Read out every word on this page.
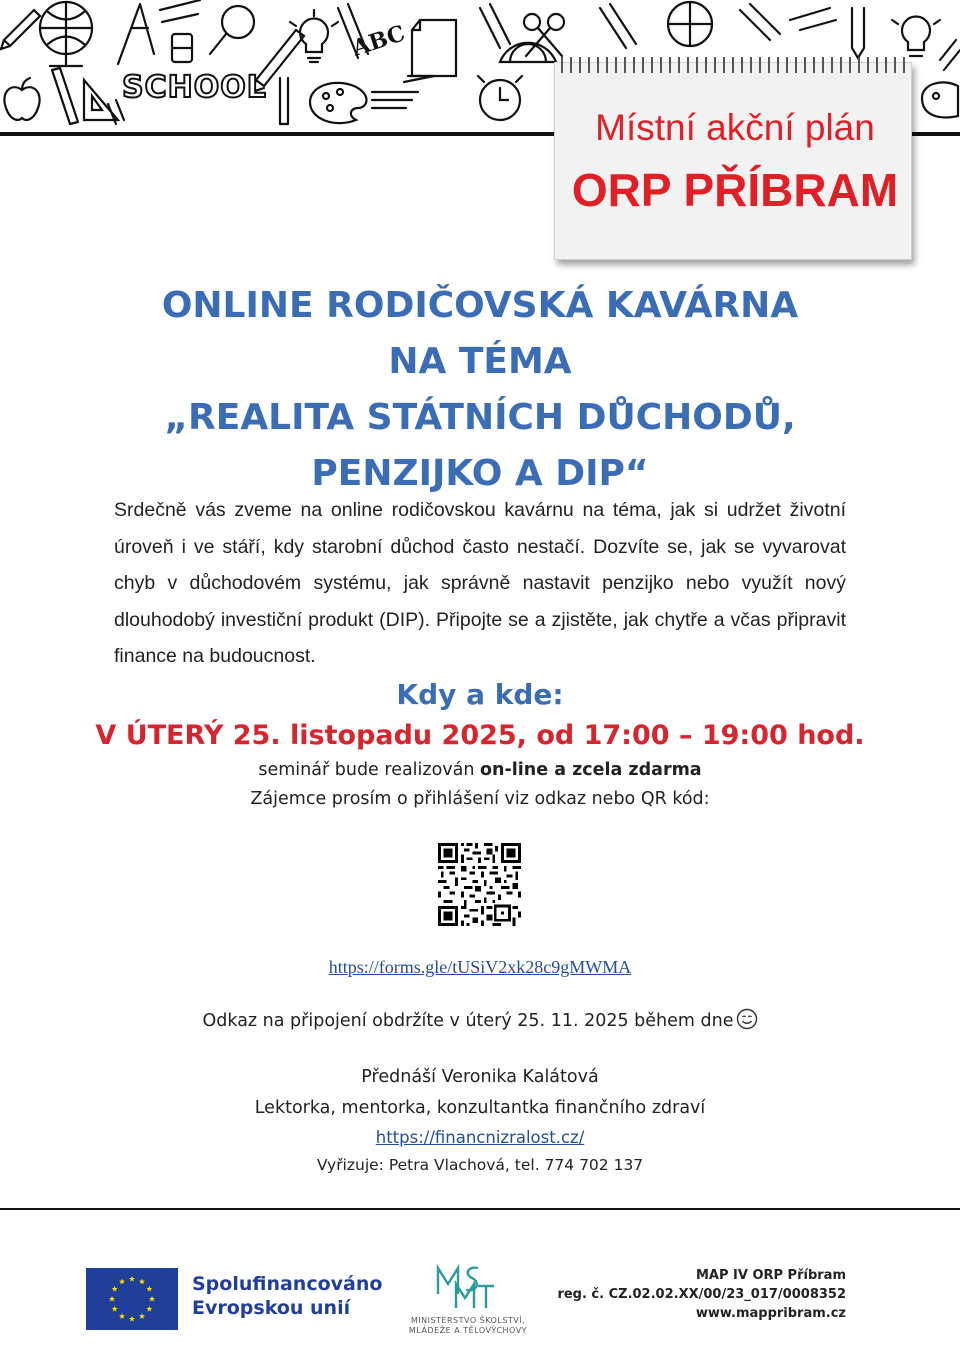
SCHOOL
ABC
Místní akční plán
ORP PŘÍBRAM
ONLINE RODIČOVSKÁ KAVÁRNA
NA TÉMA
„REALITA STÁTNÍCH DŮCHODŮ,
PENZIJKO A DIP“
Srdečně vás zveme na online rodičovskou kavárnu na téma, jak si udržet životní úroveň i ve stáří, kdy starobní důchod často nestačí. Dozvíte se, jak se vyvarovat chyb v důchodovém systému, jak správně nastavit penzijko nebo využít nový dlouhodobý investiční produkt (DIP). Připojte se a zjistěte, jak chytře a včas připravit finance na budoucnost.
Kdy a kde:
V ÚTERÝ 25. listopadu 2025, od 17:00 – 19:00 hod.
seminář bude realizován on-line a zcela zdarma
Zájemce prosím o přihlášení viz odkaz nebo QR kód:
https://forms.gle/tUSiV2xk28c9gMWMA
Odkaz na připojení obdržíte v úterý 25. 11. 2025 během dne
Přednáší Veronika Kalátová
Lektorka, mentorka, konzultantka finančního zdraví
https://financnizralost.cz/
Vyřizuje: Petra Vlachová, tel. 774 702 137
Spolufinancováno
Evropskou unií
MINISTERSTVO ŠKOLSTVÍ,
MLÁDEŽE A TĚLOVÝCHOVY
MAP IV ORP Příbram
reg. č. CZ.02.02.XX/00/23_017/0008352
www.mappribram.cz
